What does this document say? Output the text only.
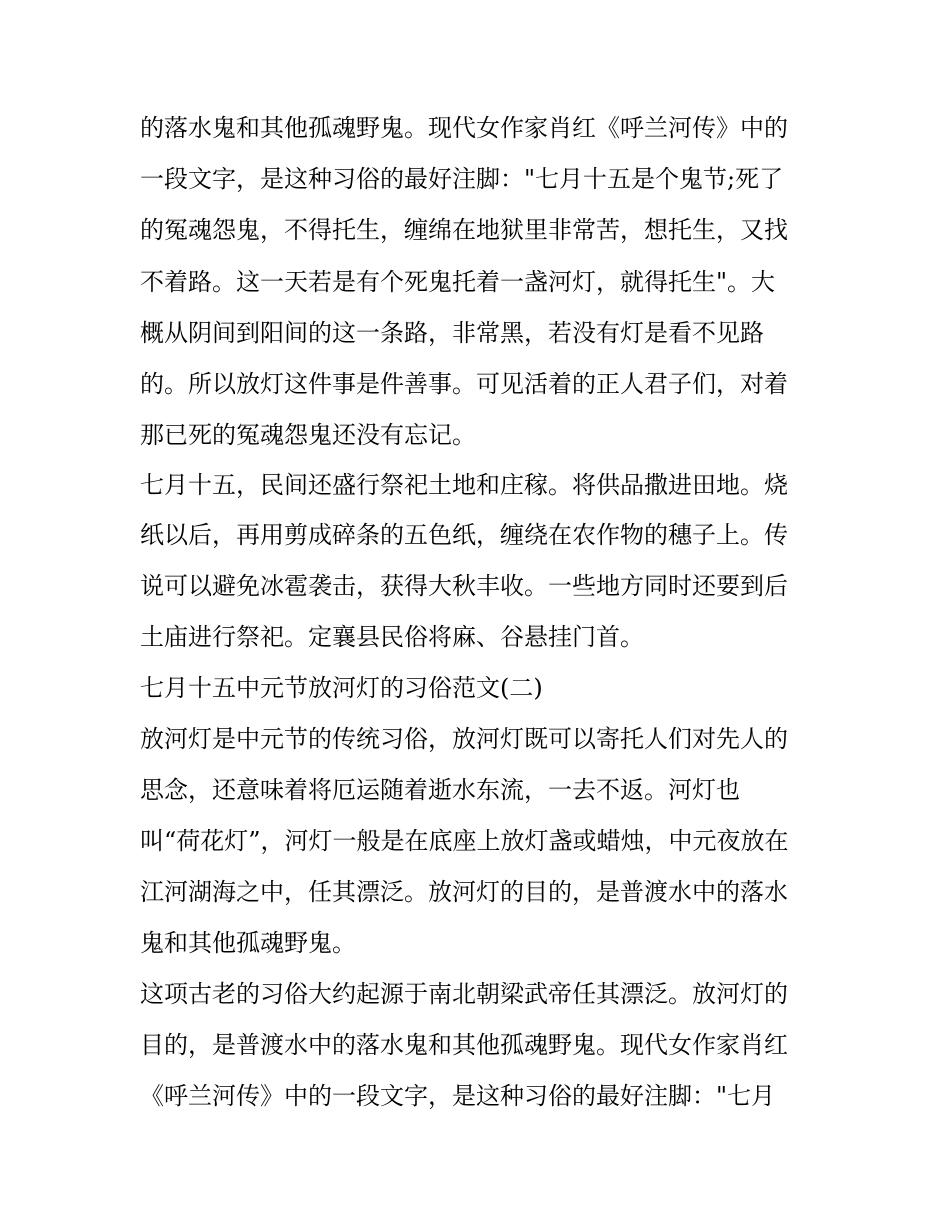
的落水鬼和其他孤魂野鬼。现代女作家肖红《呼兰河传》中的
一段文字，是这种习俗的最好注脚："七月十五是个鬼节;死了
的冤魂怨鬼，不得托生，缠绵在地狱里非常苦，想托生，又找
不着路。这一天若是有个死鬼托着一盏河灯，就得托生"。大
概从阴间到阳间的这一条路，非常黑，若没有灯是看不见路
的。所以放灯这件事是件善事。可见活着的正人君子们，对着
那已死的冤魂怨鬼还没有忘记。
七月十五，民间还盛行祭祀土地和庄稼。将供品撒进田地。烧
纸以后，再用剪成碎条的五色纸，缠绕在农作物的穗子上。传
说可以避免冰雹袭击，获得大秋丰收。一些地方同时还要到后
土庙进行祭祀。定襄县民俗将麻、谷悬挂门首。
七月十五中元节放河灯的习俗范文(二)
放河灯是中元节的传统习俗，放河灯既可以寄托人们对先人的
思念，还意味着将厄运随着逝水东流，一去不返。河灯也
叫“荷花灯”，河灯一般是在底座上放灯盏或蜡烛，中元夜放在
江河湖海之中，任其漂泛。放河灯的目的，是普渡水中的落水
鬼和其他孤魂野鬼。
这项古老的习俗大约起源于南北朝梁武帝任其漂泛。放河灯的
目的，是普渡水中的落水鬼和其他孤魂野鬼。现代女作家肖红
《呼兰河传》中的一段文字，是这种习俗的最好注脚："七月
